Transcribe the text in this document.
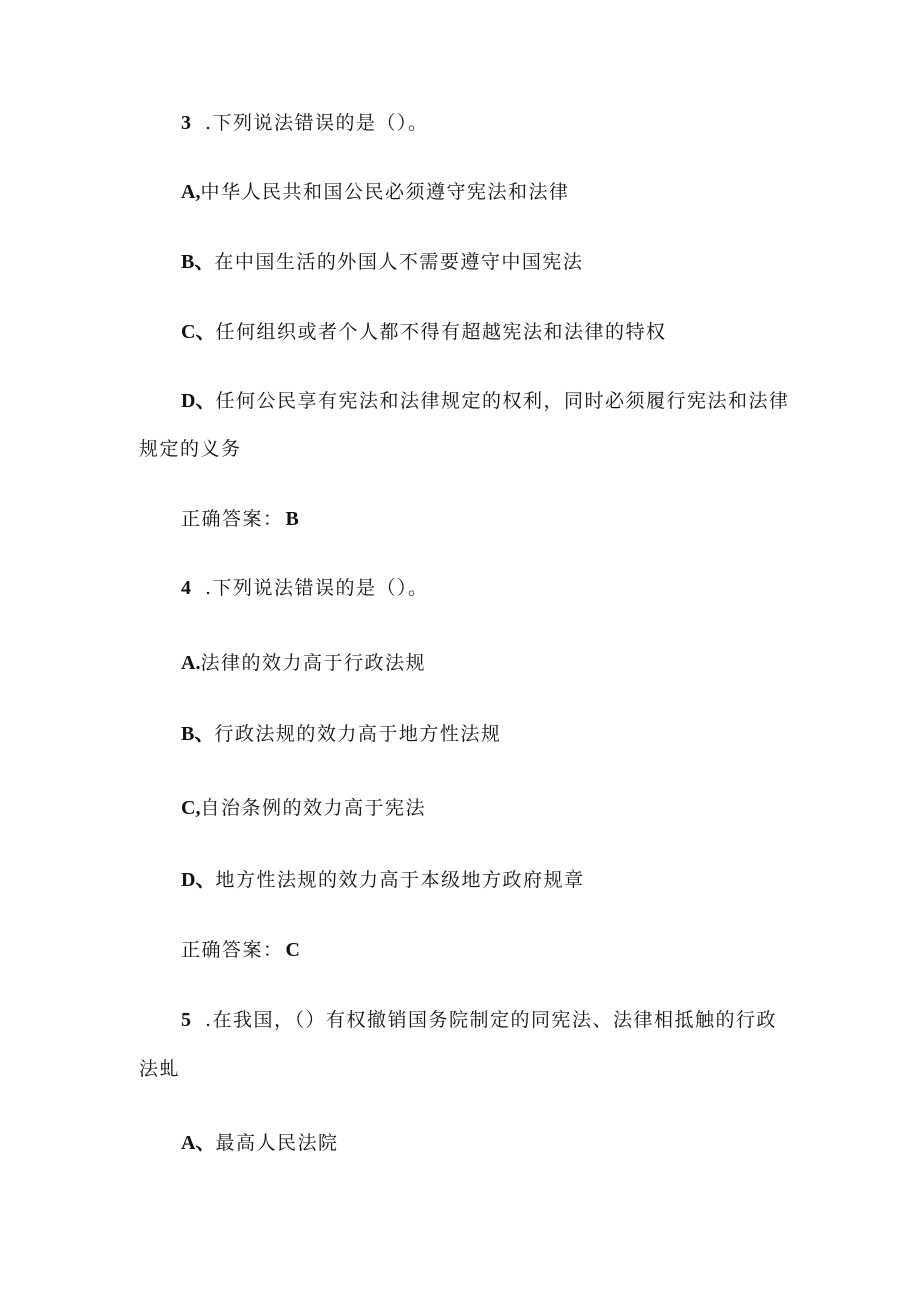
3 .下列说法错误的是（）。
A,中华人民共和国公民必须遵守宪法和法律
B、在中国生活的外国人不需要遵守中国宪法
C、任何组织或者个人都不得有超越宪法和法律的特权
D、任何公民享有宪法和法律规定的权利，同时必须履行宪法和法律
规定的义务
正确答案： B
4 .下列说法错误的是（）。
A.法律的效力高于行政法规
B、行政法规的效力高于地方性法规
C,自治条例的效力高于宪法
D、地方性法规的效力高于本级地方政府规章
正确答案： C
5 .在我国，（）有权撤销国务院制定的同宪法、法律相抵触的行政
法虬
A、最高人民法院
